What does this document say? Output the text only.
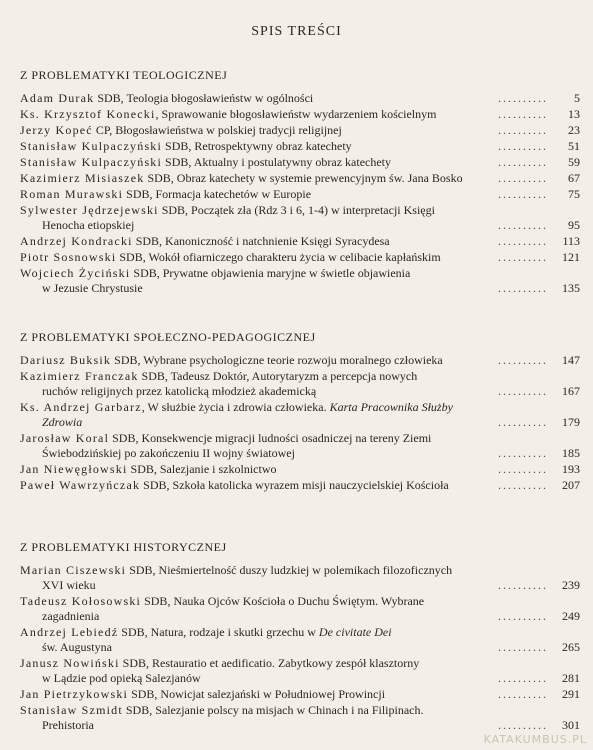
SPIS TREŚCI
Z PROBLEMATYKI TEOLOGICZNEJ
Adam Durak SDB, Teologia błogosławieństw w ogólności	..........	5
Ks. Krzysztof Konecki, Sprawowanie błogosławieństw wydarzeniem kościelnym	..........	13
Jerzy Kopeć CP, Błogosławieństwa w polskiej tradycji religijnej	..........	23
Stanisław Kulpaczyński SDB, Retrospektywny obraz katechety	..........	51
Stanisław Kulpaczyński SDB, Aktualny i postulatywny obraz katechety	..........	59
Kazimierz Misiaszek SDB, Obraz katechety w systemie prewencyjnym św. Jana Bosko	..........	67
Roman Murawski SDB, Formacja katechetów w Europie	..........	75
Sylwester Jędrzejewski SDB, Początek zła (Rdz 3 i 6, 1-4) w interpretacji Księgi
Henocha etiopskiej	..........	95
Andrzej Kondracki SDB, Kanoniczność i natchnienie Księgi Syracydesa	..........	113
Piotr Sosnowski SDB, Wokół ofiarniczego charakteru życia w celibacie kapłańskim	..........	121
Wojciech Życiński SDB, Prywatne objawienia maryjne w świetle objawienia
w Jezusie Chrystusie	..........	135
Z PROBLEMATYKI SPOŁECZNO-PEDAGOGICZNEJ
Dariusz Buksik SDB, Wybrane psychologiczne teorie rozwoju moralnego człowieka	..........	147
Kazimierz Franczak SDB, Tadeusz Doktór, Autorytaryzm a percepcja nowych
ruchów religijnych przez katolicką młodzież akademicką	..........	167
Ks. Andrzej Garbarz, W służbie życia i zdrowia człowieka. Karta Pracownika Służby
Zdrowia	..........	179
Jarosław Koral SDB, Konsekwencje migracji ludności osadniczej na tereny Ziemi
Świebodzińskiej po zakończeniu II wojny światowej	..........	185
Jan Niewęgłowski SDB, Salezjanie i szkolnictwo	..........	193
Paweł Wawrzyńczak SDB, Szkoła katolicka wyrazem misji nauczycielskiej Kościoła	..........	207
Z PROBLEMATYKI HISTORYCZNEJ
Marian Ciszewski SDB, Nieśmiertelność duszy ludzkiej w polemikach filozoficznych
XVI wieku	..........	239
Tadeusz Kołosowski SDB, Nauka Ojców Kościoła o Duchu Świętym. Wybrane
zagadnienia	..........	249
Andrzej Lebiedź SDB, Natura, rodzaje i skutki grzechu w De civitate Dei
św. Augustyna	..........	265
Janusz Nowiński SDB, Restauratio et aedificatio. Zabytkowy zespół klasztorny
w Lądzie pod opieką Salezjanów	..........	281
Jan Pietrzykowski SDB, Nowicjat salezjański w Południowej Prowincji	..........	291
Stanisław Szmidt SDB, Salezjanie polscy na misjach w Chinach i na Filipinach.
Prehistoria	..........	301
KATAKUMBUS.PL
